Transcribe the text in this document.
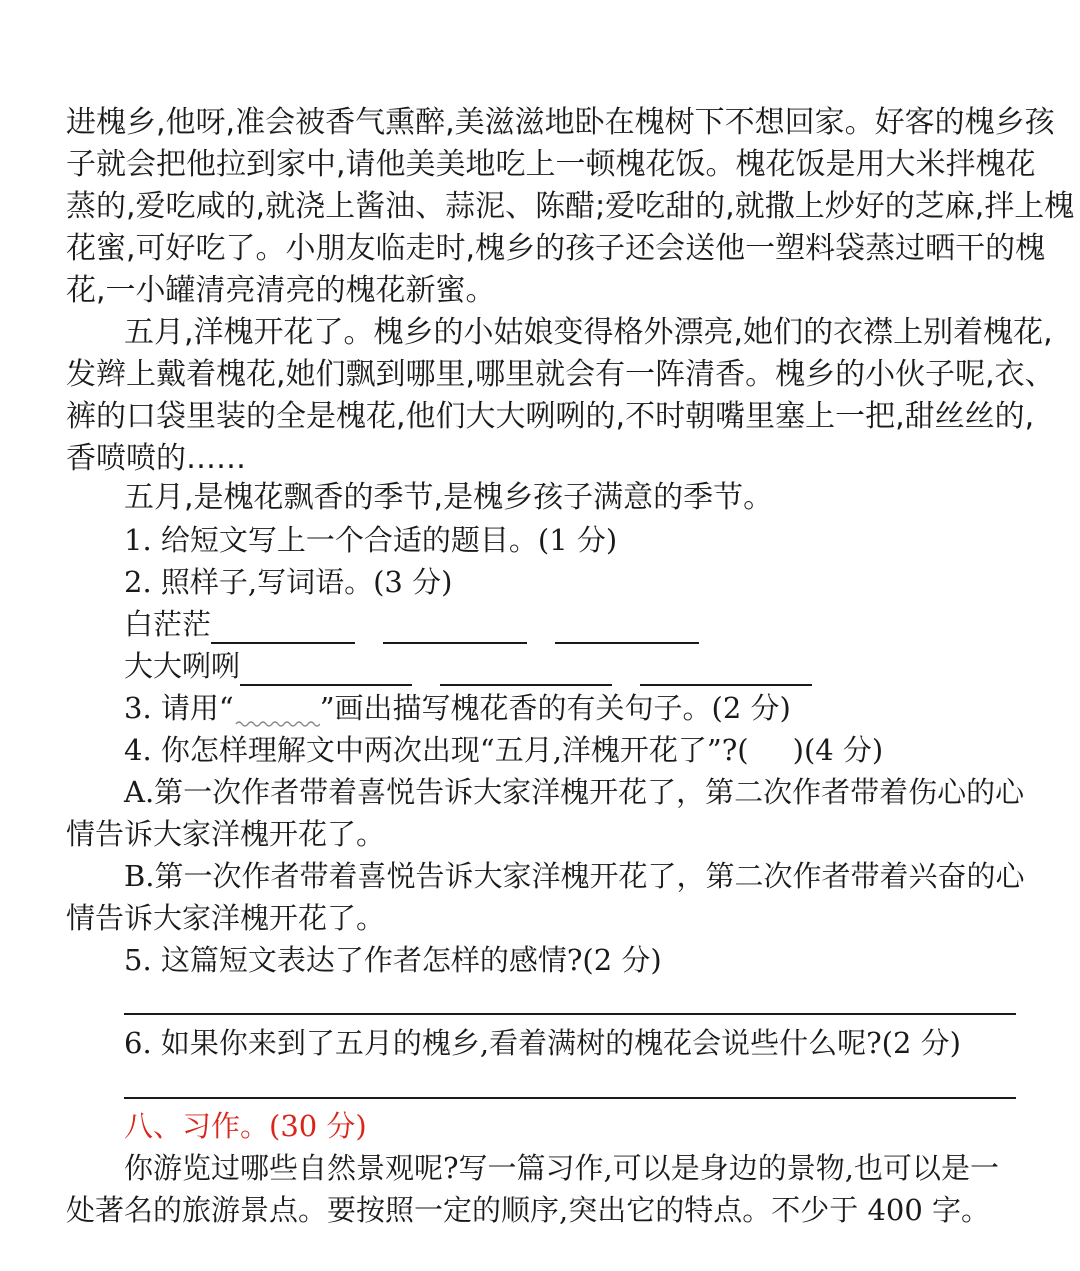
进槐乡,他呀,准会被香气熏醉,美滋滋地卧在槐树下不想回家。好客的槐乡孩
子就会把他拉到家中,请他美美地吃上一顿槐花饭。槐花饭是用大米拌槐花
蒸的,爱吃咸的,就浇上酱油、蒜泥、陈醋;爱吃甜的,就撒上炒好的芝麻,拌上槐
花蜜,可好吃了。小朋友临走时,槐乡的孩子还会送他一塑料袋蒸过晒干的槐
花,一小罐清亮清亮的槐花新蜜。
五月,洋槐开花了。槐乡的小姑娘变得格外漂亮,她们的衣襟上别着槐花,
发辫上戴着槐花,她们飘到哪里,哪里就会有一阵清香。槐乡的小伙子呢,衣、
裤的口袋里装的全是槐花,他们大大咧咧的,不时朝嘴里塞上一把,甜丝丝的,
香喷喷的……
五月,是槐花飘香的季节,是槐乡孩子满意的季节。
1. 给短文写上一个合适的题目。(1 分)
2. 照样子,写词语。(3 分)
白茫茫
大大咧咧
3. 请用“	”画出描写槐花香的有关句子。(2 分)
4. 你怎样理解文中两次出现“五月,洋槐开花了”?( )(4 分)
A.第一次作者带着喜悦告诉大家洋槐开花了，第二次作者带着伤心的心
情告诉大家洋槐开花了。
B.第一次作者带着喜悦告诉大家洋槐开花了，第二次作者带着兴奋的心
情告诉大家洋槐开花了。
5. 这篇短文表达了作者怎样的感情?(2 分)
6. 如果你来到了五月的槐乡,看着满树的槐花会说些什么呢?(2 分)
八、习作。(30 分)
你游览过哪些自然景观呢?写一篇习作,可以是身边的景物,也可以是一
处著名的旅游景点。要按照一定的顺序,突出它的特点。不少于 400 字。
